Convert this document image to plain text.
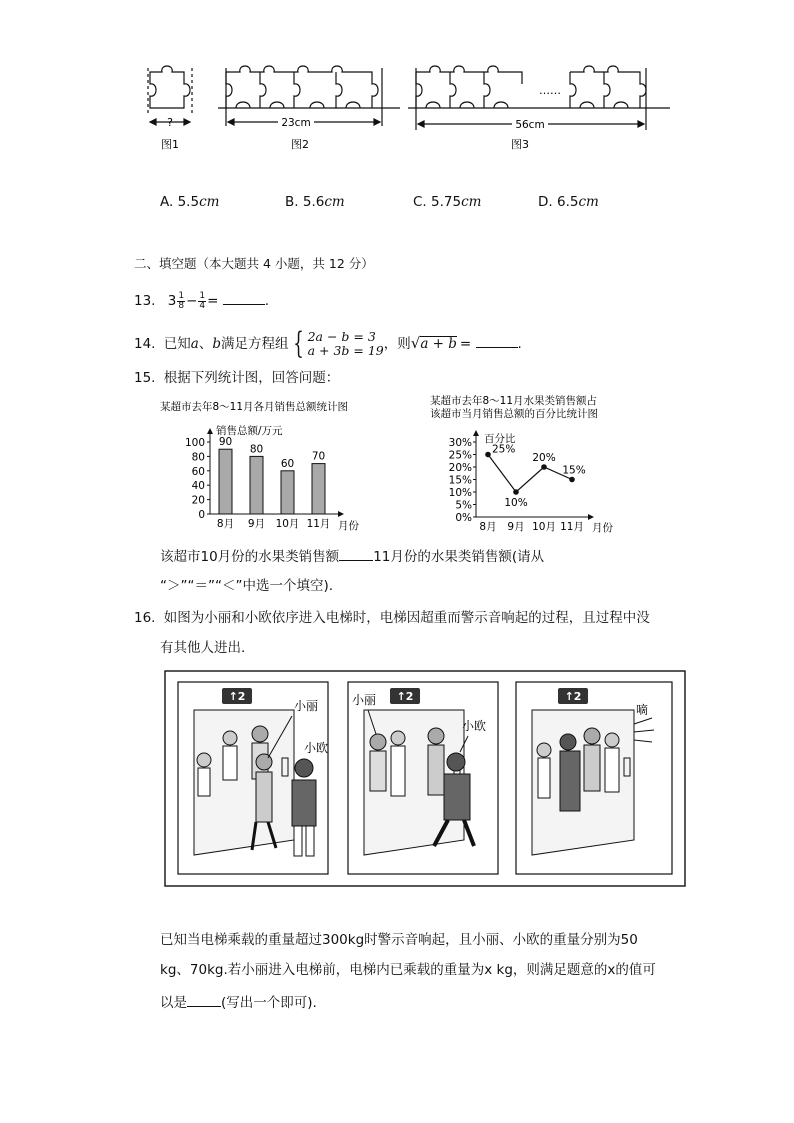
?	23cm
……
56cm
图1	图2	图3
A. 5.5cm	B. 5.6cm	C. 5.75cm	D. 6.5cm
二、填空题（本大题共 4 小题，共 12 分）
13. $3 \frac{1}{8} - \frac{1}{4}$ =	.
14. 已知a、b满足方程组 { 2a − b = 3
a + 3b = 19 ，则√a + b =	.
15. 根据下列统计图，回答问题：
某超市去年8～11月各月销售总额统计图
销售总额/万元
月份
0
20
40
60
80
100 90
80
60
70
8月 9月 10月 11月
某超市去年8～11月水果类销售额占
该超市当月销售总额的百分比统计图
百分比
月份
0%
5%
10%
15%
20%
25%
30%
25%
10%
20%
15%
8月 9月 10月 11月
该超市10月份的水果类销售额	11月份的水果类销售额(请从
“＞”“＝”“＜”中选一个填空).
16. 如图为小丽和小欧依序进入电梯时，电梯因超重而警示音响起的过程，且过程中没
有其他人进出.
↑2
小丽
小欧
↑2
小丽
小欧
↑2
嘀
已知当电梯乘载的重量超过300kg时警示音响起，且小丽、小欧的重量分别为50
kg、70kg.若小丽进入电梯前，电梯内已乘载的重量为x kg，则满足题意的x的值可
以是	(写出一个即可).
